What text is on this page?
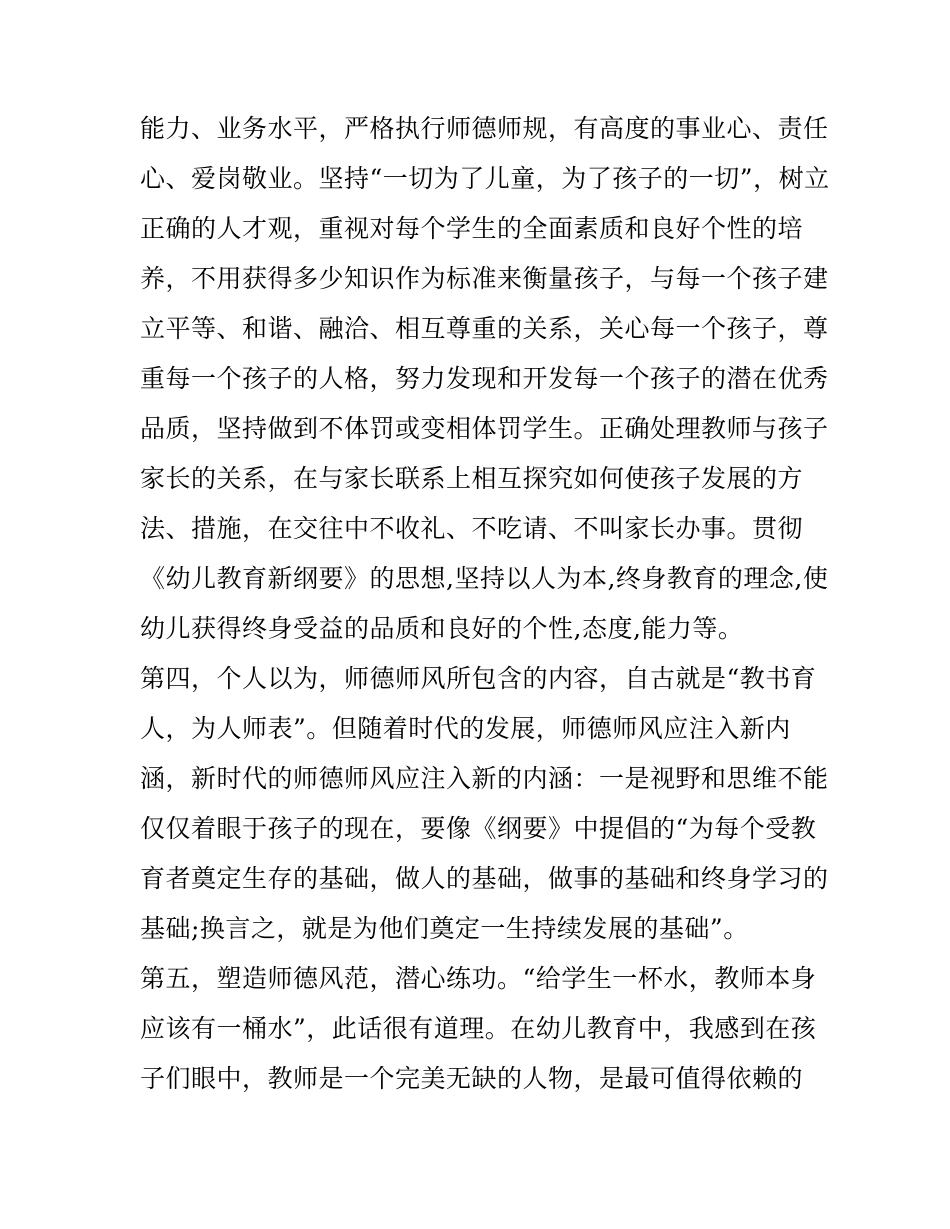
能力、业务水平，严格执行师德师规，有高度的事业心、责任
心、爱岗敬业。坚持“一切为了儿童，为了孩子的一切”，树立
正确的人才观，重视对每个学生的全面素质和良好个性的培
养，不用获得多少知识作为标准来衡量孩子，与每一个孩子建
立平等、和谐、融洽、相互尊重的关系，关心每一个孩子，尊
重每一个孩子的人格，努力发现和开发每一个孩子的潜在优秀
品质，坚持做到不体罚或变相体罚学生。正确处理教师与孩子
家长的关系，在与家长联系上相互探究如何使孩子发展的方
法、措施，在交往中不收礼、不吃请、不叫家长办事。贯彻
《幼儿教育新纲要》的思想,坚持以人为本,终身教育的理念,使
幼儿获得终身受益的品质和良好的个性,态度,能力等。
第四，个人以为，师德师风所包含的内容，自古就是“教书育
人，为人师表”。但随着时代的发展，师德师风应注入新内
涵，新时代的师德师风应注入新的内涵：一是视野和思维不能
仅仅着眼于孩子的现在，要像《纲要》中提倡的“为每个受教
育者奠定生存的基础，做人的基础，做事的基础和终身学习的
基础;换言之，就是为他们奠定一生持续发展的基础”。
第五，塑造师德风范，潜心练功。“给学生一杯水，教师本身
应该有一桶水”，此话很有道理。在幼儿教育中，我感到在孩
子们眼中，教师是一个完美无缺的人物，是最可值得依赖的
